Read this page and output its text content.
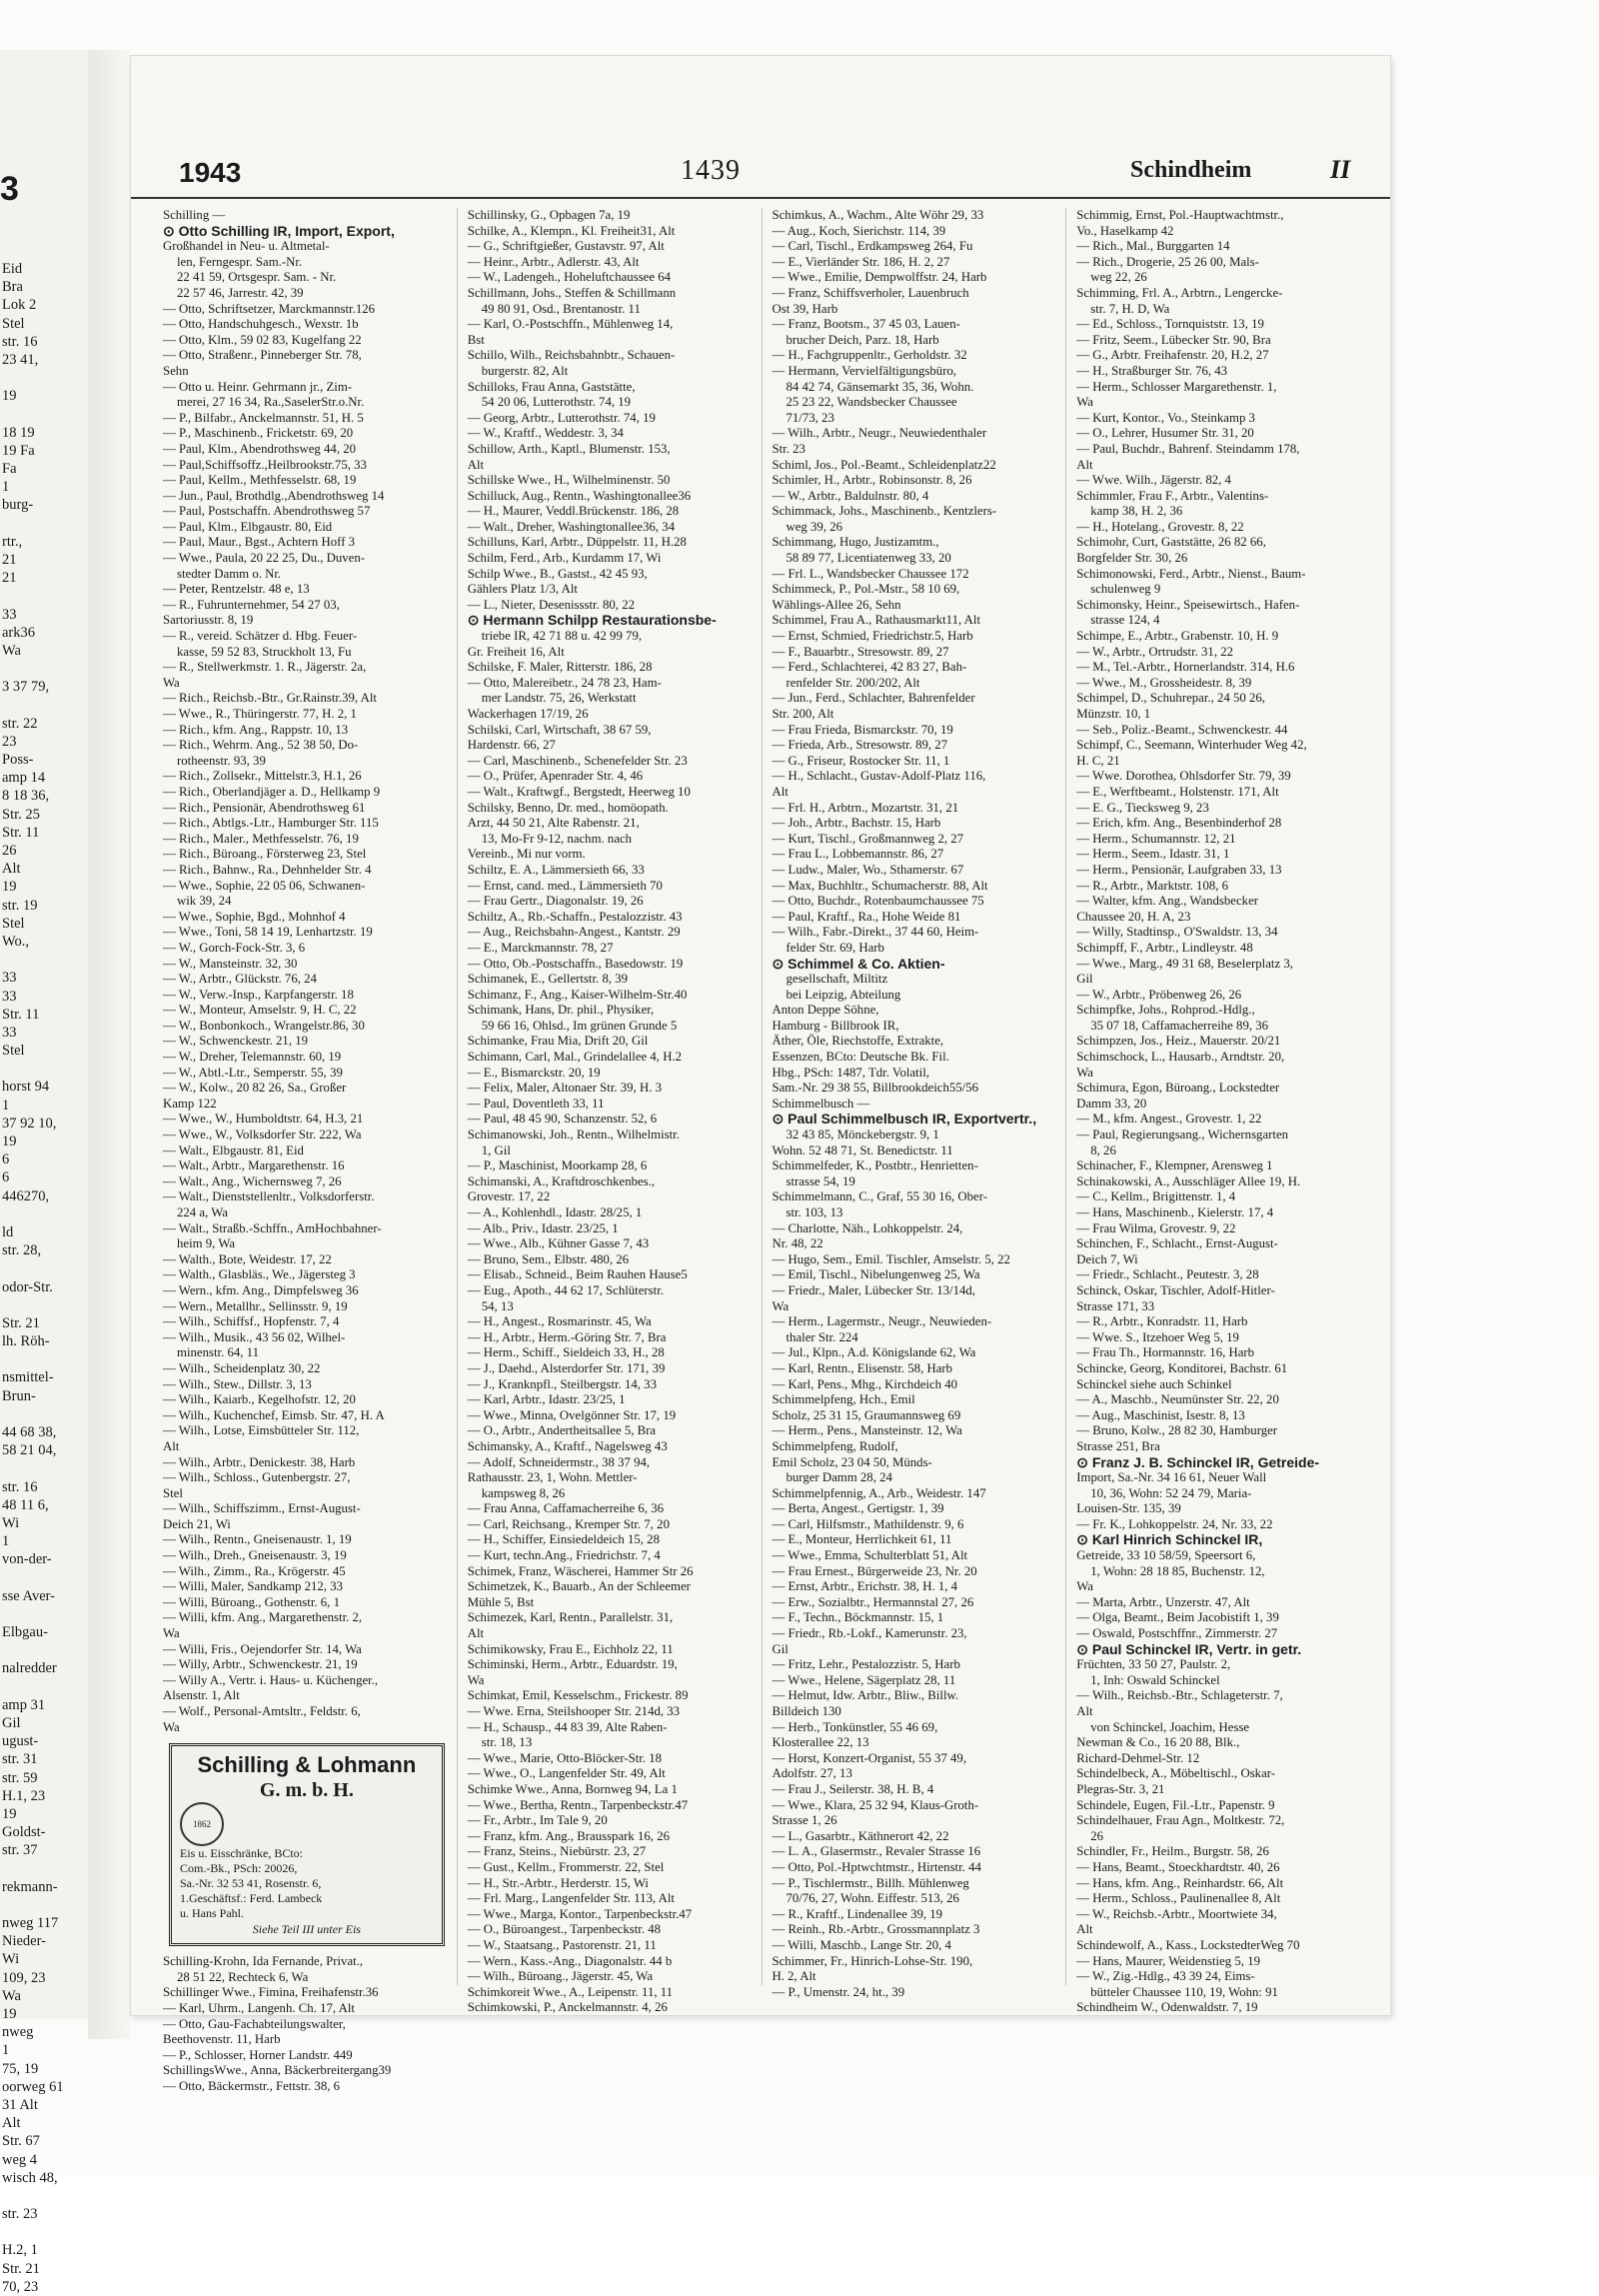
3
Eid
Bra
Lok 2
Stel
str. 16
23 41,
19
18 19
19 Fa
Fa
1
burg-
rtr.,
21
21
33
ark36
Wa
3 37 79,
str. 22
23
Poss-
amp 14
8 18 36,
Str. 25
Str. 11
26
Alt
19
str. 19
Stel
Wo.,
33
33
Str. 11
33
Stel
horst 94
1
37 92 10,
19
6
6
446270,
ld
str. 28,
odor-Str.
Str. 21
lh. Röh-
nsmittel-
Brun-
44 68 38,
58 21 04,
str. 16
48 11 6,
Wi
1
von-der-
sse Aver-
Elbgau-
nalredder
amp 31
Gil
ugust-
str. 31
str. 59
H.1, 23
19
Goldst-
str. 37
rekmann-
nweg 117
Nieder-
Wi
109, 23
Wa
19
nweg
1
75, 19
oorweg 61
31 Alt
Alt
Str. 67
weg 4
wisch 48,
str. 23
H.2, 1
Str. 21
70, 23
1943	1439	Schindheim	II
Schilling —
⊙ Otto Schilling IR, Import, Export,
Großhandel in Neu- u. Altmetal-
len, Ferngespr. Sam.-Nr.
22 41 59, Ortsgespr. Sam. - Nr.
22 57 46, Jarrestr. 42, 39
— Otto, Schriftsetzer, Marckmannstr.126
— Otto, Handschuhgesch., Wexstr. 1b
— Otto, Klm., 59 02 83, Kugelfang 22
— Otto, Straßenr., Pinneberger Str. 78,
Sehn
— Otto u. Heinr. Gehrmann jr., Zim-
merei, 27 16 34, Ra.,SaselerStr.o.Nr.
— P., Bilfabr., Anckelmannstr. 51, H. 5
— P., Maschinenb., Fricketstr. 69, 20
— Paul, Klm., Abendrothsweg 44, 20
— Paul,Schiffsoffz.,Heilbrookstr.75, 33
— Paul, Kellm., Methfesselstr. 68, 19
— Jun., Paul, Brothdlg.,Abendrothsweg 14
— Paul, Postschaffn. Abendrothsweg 57
— Paul, Klm., Elbgaustr. 80, Eid
— Paul, Maur., Bgst., Achtern Hoff 3
— Wwe., Paula, 20 22 25, Du., Duven-
stedter Damm o. Nr.
— Peter, Rentzelstr. 48 e, 13
— R., Fuhrunternehmer, 54 27 03,
Sartoriusstr. 8, 19
— R., vereid. Schätzer d. Hbg. Feuer-
kasse, 59 52 83, Struckholt 13, Fu
— R., Stellwerkmstr. 1. R., Jägerstr. 2a,
Wa
— Rich., Reichsb.-Btr., Gr.Rainstr.39, Alt
— Wwe., R., Thüringerstr. 77, H. 2, 1
— Rich., kfm. Ang., Rappstr. 10, 13
— Rich., Wehrm. Ang., 52 38 50, Do-
rotheenstr. 93, 39
— Rich., Zollsekr., Mittelstr.3, H.1, 26
— Rich., Oberlandjäger a. D., Hellkamp 9
— Rich., Pensionär, Abendrothsweg 61
— Rich., Abtlgs.-Ltr., Hamburger Str. 115
— Rich., Maler., Methfesselstr. 76, 19
— Rich., Büroang., Försterweg 23, Stel
— Rich., Bahnw., Ra., Dehnhelder Str. 4
— Wwe., Sophie, 22 05 06, Schwanen-
wik 39, 24
— Wwe., Sophie, Bgd., Mohnhof 4
— Wwe., Toni, 58 14 19, Lenhartzstr. 19
— W., Gorch-Fock-Str. 3, 6
— W., Mansteinstr. 32, 30
— W., Arbtr., Glückstr. 76, 24
— W., Verw.-Insp., Karpfangerstr. 18
— W., Monteur, Amselstr. 9, H. C, 22
— W., Bonbonkoch., Wrangelstr.86, 30
— W., Schwenckestr. 21, 19
— W., Dreher, Telemannstr. 60, 19
— W., Abtl.-Ltr., Semperstr. 55, 39
— W., Kolw., 20 82 26, Sa., Großer
Kamp 122
— Wwe., W., Humboldtstr. 64, H.3, 21
— Wwe., W., Volksdorfer Str. 222, Wa
— Walt., Elbgaustr. 81, Eid
— Walt., Arbtr., Margarethenstr. 16
— Walt., Ang., Wichernsweg 7, 26
— Walt., Dienststellenltr., Volksdorferstr.
224 a, Wa
— Walt., Straßb.-Schffn., AmHochbahner-
heim 9, Wa
— Walth., Bote, Weidestr. 17, 22
— Walth., Glasbläs., We., Jägersteg 3
— Wern., kfm. Ang., Dimpfelsweg 36
— Wern., Metallhr., Sellinsstr. 9, 19
— Wilh., Schiffsf., Hopfenstr. 7, 4
— Wilh., Musik., 43 56 02, Wilhel-
minenstr. 64, 11
— Wilh., Scheidenplatz 30, 22
— Wilh., Stew., Dillstr. 3, 13
— Wilh., Kaiarb., Kegelhofstr. 12, 20
— Wilh., Kuchenchef, Eimsb. Str. 47, H. A
— Wilh., Lotse, Eimsbütteler Str. 112,
Alt
— Wilh., Arbtr., Denickestr. 38, Harb
— Wilh., Schloss., Gutenbergstr. 27,
Stel
— Wilh., Schiffszimm., Ernst-August-
Deich 21, Wi
— Wilh., Rentn., Gneisenaustr. 1, 19
— Wilh., Dreh., Gneisenaustr. 3, 19
— Wilh., Zimm., Ra., Krögerstr. 45
— Willi, Maler, Sandkamp 212, 33
— Willi, Büroang., Gothenstr. 6, 1
— Willi, kfm. Ang., Margarethenstr. 2,
Wa
— Willi, Fris., Oejendorfer Str. 14, Wa
— Willy, Arbtr., Schwenckestr. 21, 19
— Willy A., Vertr. i. Haus- u. Küchenger.,
Alsenstr. 1, Alt
— Wolf., Personal-Amtsltr., Feldstr. 6,
Wa
Schilling & Lohmann
G. m. b. H.
1862
Eis u. Eisschränke, BCto:
Com.-Bk., PSch: 20026,
Sa.-Nr. 32 53 41, Rosenstr. 6,
1.Geschäftsf.: Ferd. Lambeck
u. Hans Pahl.
Siehe Teil III unter Eis
Schilling-Krohn, Ida Fernande, Privat.,
28 51 22, Rechteck 6, Wa
Schillinger Wwe., Fimina, Freihafenstr.36
— Karl, Uhrm., Langenh. Ch. 17, Alt
— Otto, Gau-Fachabteilungswalter,
Beethovenstr. 11, Harb
— P., Schlosser, Horner Landstr. 449
SchillingsWwe., Anna, Bäckerbreitergang39
— Otto, Bäckermstr., Fettstr. 38, 6
Schillinsky, G., Opbagen 7a, 19
Schilke, A., Klempn., Kl. Freiheit31, Alt
— G., Schriftgießer, Gustavstr. 97, Alt
— Heinr., Arbtr., Adlerstr. 43, Alt
— W., Ladengeh., Hoheluftchaussee 64
Schillmann, Johs., Steffen & Schillmann
49 80 91, Osd., Brentanostr. 11
— Karl, O.-Postschffn., Mühlenweg 14,
Bst
Schillo, Wilh., Reichsbahnbtr., Schauen-
burgerstr. 82, Alt
Schilloks, Frau Anna, Gaststätte,
54 20 06, Lutterothstr. 74, 19
— Georg, Arbtr., Lutterothstr. 74, 19
— W., Kraftf., Weddestr. 3, 34
Schillow, Arth., Kaptl., Blumenstr. 153,
Alt
Schillske Wwe., H., Wilhelminenstr. 50
Schilluck, Aug., Rentn., Washingtonallee36
— H., Maurer, Veddl.Brückenstr. 186, 28
— Walt., Dreher, Washingtonallee36, 34
Schilluns, Karl, Arbtr., Düppelstr. 11, H.28
Schilm, Ferd., Arb., Kurdamm 17, Wi
Schilp Wwe., B., Gastst., 42 45 93,
Gählers Platz 1/3, Alt
— L., Nieter, Desenissstr. 80, 22
⊙ Hermann Schilpp Restaurationsbe-
triebe IR, 42 71 88 u. 42 99 79,
Gr. Freiheit 16, Alt
Schilske, F. Maler, Ritterstr. 186, 28
— Otto, Malereibetr., 24 78 23, Ham-
mer Landstr. 75, 26, Werkstatt
Wackerhagen 17/19, 26
Schilski, Carl, Wirtschaft, 38 67 59,
Hardenstr. 66, 27
— Carl, Maschinenb., Schenefelder Str. 23
— O., Prüfer, Apenrader Str. 4, 46
— Walt., Kraftwgf., Bergstedt, Heerweg 10
Schilsky, Benno, Dr. med., homöopath.
Arzt, 44 50 21, Alte Rabenstr. 21,
13, Mo-Fr 9-12, nachm. nach
Vereinb., Mi nur vorm.
Schiltz, E. A., Lämmersieth 66, 33
— Ernst, cand. med., Lämmersieth 70
— Frau Gertr., Diagonalstr. 19, 26
Schiltz, A., Rb.-Schaffn., Pestalozzistr. 43
— Aug., Reichsbahn-Angest., Kantstr. 29
— E., Marckmannstr. 78, 27
— Otto, Ob.-Postschaffn., Basedowstr. 19
Schimanek, E., Gellertstr. 8, 39
Schimanz, F., Ang., Kaiser-Wilhelm-Str.40
Schimank, Hans, Dr. phil., Physiker,
59 66 16, Ohlsd., Im grünen Grunde 5
Schimanke, Frau Mia, Drift 20, Gil
Schimann, Carl, Mal., Grindelallee 4, H.2
— E., Bismarckstr. 20, 19
— Felix, Maler, Altonaer Str. 39, H. 3
— Paul, Doventleth 33, 11
— Paul, 48 45 90, Schanzenstr. 52, 6
Schimanowski, Joh., Rentn., Wilhelmistr.
1, Gil
— P., Maschinist, Moorkamp 28, 6
Schimanski, A., Kraftdroschkenbes.,
Grovestr. 17, 22
— A., Kohlenhdl., Idastr. 28/25, 1
— Alb., Priv., Idastr. 23/25, 1
— Wwe., Alb., Kühner Gasse 7, 43
— Bruno, Sem., Elbstr. 480, 26
— Elisab., Schneid., Beim Rauhen Hause5
— Eug., Apoth., 44 62 17, Schlüterstr.
54, 13
— H., Angest., Rosmarinstr. 45, Wa
— H., Arbtr., Herm.-Göring Str. 7, Bra
— Herm., Schiff., Sieldeich 33, H., 28
— J., Daehd., Alsterdorfer Str. 171, 39
— J., Kranknpfl., Steilbergstr. 14, 33
— Karl, Arbtr., Idastr. 23/25, 1
— Wwe., Minna, Ovelgönner Str. 17, 19
— O., Arbtr., Andertheitsallee 5, Bra
Schimansky, A., Kraftf., Nagelsweg 43
— Adolf, Schneidermstr., 38 37 94,
Rathausstr. 23, 1, Wohn. Mettler-
kampsweg 8, 26
— Frau Anna, Caffamacherreihe 6, 36
— Carl, Reichsang., Kremper Str. 7, 20
— H., Schiffer, Einsiedeldeich 15, 28
— Kurt, techn.Ang., Friedrichstr. 7, 4
Schimek, Franz, Wäscherei, Hammer Str 26
Schimetzek, K., Bauarb., An der Schleemer
Mühle 5, Bst
Schimezek, Karl, Rentn., Parallelstr. 31,
Alt
Schimikowsky, Frau E., Eichholz 22, 11
Schiminski, Herm., Arbtr., Eduardstr. 19,
Wa
Schimkat, Emil, Kesselschm., Frickestr. 89
— Wwe. Erna, Steilshooper Str. 214d, 33
— H., Schausp., 44 83 39, Alte Raben-
str. 18, 13
— Wwe., Marie, Otto-Blöcker-Str. 18
— Wwe., O., Langenfelder Str. 49, Alt
Schimke Wwe., Anna, Bornweg 94, La 1
— Wwe., Bertha, Rentn., Tarpenbeckstr.47
— Fr., Arbtr., Im Tale 9, 20
— Franz, kfm. Ang., Brausspark 16, 26
— Franz, Steins., Niebürstr. 23, 27
— Gust., Kellm., Frommerstr. 22, Stel
— H., Str.-Arbtr., Herderstr. 15, Wi
— Frl. Marg., Langenfelder Str. 113, Alt
— Wwe., Marga, Kontor., Tarpenbeckstr.47
— O., Büroangest., Tarpenbeckstr. 48
— W., Staatsang., Pastorenstr. 21, 11
— Wern., Kass.-Ang., Diagonalstr. 44 b
— Wilh., Büroang., Jägerstr. 45, Wa
Schimkoreit Wwe., A., Leipenstr. 11, 11
Schimkowski, P., Anckelmannstr. 4, 26
Schimkus, A., Wachm., Alte Wöhr 29, 33
— Aug., Koch, Sierichstr. 114, 39
— Carl, Tischl., Erdkampsweg 264, Fu
— E., Vierländer Str. 186, H. 2, 27
— Wwe., Emilie, Dempwolffstr. 24, Harb
— Franz, Schiffsverholer, Lauenbruch
Ost 39, Harb
— Franz, Bootsm., 37 45 03, Lauen-
brucher Deich, Parz. 18, Harb
— H., Fachgruppenltr., Gerholdstr. 32
— Hermann, Vervielfältigungsbüro,
84 42 74, Gänsemarkt 35, 36, Wohn.
25 23 22, Wandsbecker Chaussee
71/73, 23
— Wilh., Arbtr., Neugr., Neuwiedenthaler
Str. 23
Schiml, Jos., Pol.-Beamt., Schleidenplatz22
Schimler, H., Arbtr., Robinsonstr. 8, 26
— W., Arbtr., Baldulnstr. 80, 4
Schimmack, Johs., Maschinenb., Kentzlers-
weg 39, 26
Schimmang, Hugo, Justizamtm.,
58 89 77, Licentiatenweg 33, 20
— Frl. L., Wandsbecker Chaussee 172
Schimmeck, P., Pol.-Mstr., 58 10 69,
Wählings-Allee 26, Sehn
Schimmel, Frau A., Rathausmarkt11, Alt
— Ernst, Schmied, Friedrichstr.5, Harb
— F., Bauarbtr., Stresowstr. 89, 27
— Ferd., Schlachterei, 42 83 27, Bah-
renfelder Str. 200/202, Alt
— Jun., Ferd., Schlachter, Bahrenfelder
Str. 200, Alt
— Frau Frieda, Bismarckstr. 70, 19
— Frieda, Arb., Stresowstr. 89, 27
— G., Friseur, Rostocker Str. 11, 1
— H., Schlacht., Gustav-Adolf-Platz 116,
Alt
— Frl. H., Arbtrn., Mozartstr. 31, 21
— Joh., Arbtr., Bachstr. 15, Harb
— Kurt, Tischl., Großmannweg 2, 27
— Frau L., Lobbemannstr. 86, 27
— Ludw., Maler, Wo., Sthamerstr. 67
— Max, Buchhltr., Schumacherstr. 88, Alt
— Otto, Buchdr., Rotenbaumchaussee 75
— Paul, Kraftf., Ra., Hohe Weide 81
— Wilh., Fabr.-Direkt., 37 44 60, Heim-
felder Str. 69, Harb
⊙ Schimmel & Co. Aktien-
gesellschaft, Miltitz
bei Leipzig, Abteilung
Anton Deppe Söhne,
Hamburg - Billbrook IR,
Äther, Öle, Riechstoffe, Extrakte,
Essenzen, BCto: Deutsche Bk. Fil.
Hbg., PSch: 1487, Tdr. Volatil,
Sam.-Nr. 29 38 55, Billbrookdeich55/56
Schimmelbusch —
⊙ Paul Schimmelbusch IR, Exportvertr.,
32 43 85, Mönckebergstr. 9, 1
Wohn. 52 48 71, St. Benedictstr. 11
Schimmelfeder, K., Postbtr., Henrietten-
strasse 54, 19
Schimmelmann, C., Graf, 55 30 16, Ober-
str. 103, 13
— Charlotte, Näh., Lohkoppelstr. 24,
Nr. 48, 22
— Hugo, Sem., Emil. Tischler, Amselstr. 5, 22
— Emil, Tischl., Nibelungenweg 25, Wa
— Friedr., Maler, Lübecker Str. 13/14d,
Wa
— Herm., Lagermstr., Neugr., Neuwieden-
thaler Str. 224
— Jul., Klpn., A.d. Königslande 62, Wa
— Karl, Rentn., Elisenstr. 58, Harb
— Karl, Pens., Mhg., Kirchdeich 40
Schimmelpfeng, Hch., Emil
Scholz, 25 31 15, Graumannsweg 69
— Herm., Pens., Mansteinstr. 12, Wa
Schimmelpfeng, Rudolf,
Emil Scholz, 23 04 50, Münds-
burger Damm 28, 24
Schimmelpfennig, A., Arb., Weidestr. 147
— Berta, Angest., Gertigstr. 1, 39
— Carl, Hilfsmstr., Mathildenstr. 9, 6
— E., Monteur, Herrlichkeit 61, 11
— Wwe., Emma, Schulterblatt 51, Alt
— Frau Ernest., Bürgerweide 23, Nr. 20
— Ernst, Arbtr., Erichstr. 38, H. 1, 4
— Erw., Sozialbtr., Hermannstal 27, 26
— F., Techn., Böckmannstr. 15, 1
— Friedr., Rb.-Lokf., Kamerunstr. 23,
Gil
— Fritz, Lehr., Pestalozzistr. 5, Harb
— Wwe., Helene, Sägerplatz 28, 11
— Helmut, Idw. Arbtr., Bliw., Billw.
Billdeich 130
— Herb., Tonkünstler, 55 46 69,
Klosterallee 22, 13
— Horst, Konzert-Organist, 55 37 49,
Adolfstr. 27, 13
— Frau J., Seilerstr. 38, H. B, 4
— Wwe., Klara, 25 32 94, Klaus-Groth-
Strasse 1, 26
— L., Gasarbtr., Käthnerort 42, 22
— L. A., Glasermstr., Revaler Strasse 16
— Otto, Pol.-Hptwchtmstr., Hirtenstr. 44
— P., Tischlermstr., Billh. Mühlenweg
70/76, 27, Wohn. Eiffestr. 513, 26
— R., Kraftf., Lindenallee 39, 19
— Reinh., Rb.-Arbtr., Grossmannplatz 3
— Willi, Maschb., Lange Str. 20, 4
Schimmer, Fr., Hinrich-Lohse-Str. 190,
H. 2, Alt
— P., Umenstr. 24, ht., 39
Schimmig, Ernst, Pol.-Hauptwachtmstr.,
Vo., Haselkamp 42
— Rich., Mal., Burggarten 14
— Rich., Drogerie, 25 26 00, Mals-
weg 22, 26
Schimming, Frl. A., Arbtrn., Lengercke-
str. 7, H. D, Wa
— Ed., Schloss., Tornquiststr. 13, 19
— Fritz, Seem., Lübecker Str. 90, Bra
— G., Arbtr. Freihafenstr. 20, H.2, 27
— H., Straßburger Str. 76, 43
— Herm., Schlosser Margarethenstr. 1,
Wa
— Kurt, Kontor., Vo., Steinkamp 3
— O., Lehrer, Husumer Str. 31, 20
— Paul, Buchdr., Bahrenf. Steindamm 178,
Alt
— Wwe. Wilh., Jägerstr. 82, 4
Schimmler, Frau F., Arbtr., Valentins-
kamp 38, H. 2, 36
— H., Hotelang., Grovestr. 8, 22
Schimohr, Curt, Gaststätte, 26 82 66,
Borgfelder Str. 30, 26
Schimonowski, Ferd., Arbtr., Nienst., Baum-
schulenweg 9
Schimonsky, Heinr., Speisewirtsch., Hafen-
strasse 124, 4
Schimpe, E., Arbtr., Grabenstr. 10, H. 9
— W., Arbtr., Ortrudstr. 31, 22
— M., Tel.-Arbtr., Hornerlandstr. 314, H.6
— Wwe., M., Grossheidestr. 8, 39
Schimpel, D., Schuhrepar., 24 50 26,
Münzstr. 10, 1
— Seb., Poliz.-Beamt., Schwenckestr. 44
Schimpf, C., Seemann, Winterhuder Weg 42,
H. C, 21
— Wwe. Dorothea, Ohlsdorfer Str. 79, 39
— E., Werftbeamt., Holstenstr. 171, Alt
— E. G., Tiecksweg 9, 23
— Erich, kfm. Ang., Besenbinderhof 28
— Herm., Schumannstr. 12, 21
— Herm., Seem., Idastr. 31, 1
— Herm., Pensionär, Laufgraben 33, 13
— R., Arbtr., Marktstr. 108, 6
— Walter, kfm. Ang., Wandsbecker
Chaussee 20, H. A, 23
— Willy, Stadtinsp., O'Swaldstr. 13, 34
Schimpff, F., Arbtr., Lindleystr. 48
— Wwe., Marg., 49 31 68, Beselerplatz 3,
Gil
— W., Arbtr., Pröbenweg 26, 26
Schimpfke, Johs., Rohprod.-Hdlg.,
35 07 18, Caffamacherreihe 89, 36
Schimpzen, Jos., Heiz., Mauerstr. 20/21
Schimschock, L., Hausarb., Arndtstr. 20,
Wa
Schimura, Egon, Büroang., Lockstedter
Damm 33, 20
— M., kfm. Angest., Grovestr. 1, 22
— Paul, Regierungsang., Wichernsgarten
8, 26
Schinacher, F., Klempner, Arensweg 1
Schinakowski, A., Ausschläger Allee 19, H.
— C., Kellm., Brigittenstr. 1, 4
— Hans, Maschinenb., Kielerstr. 17, 4
— Frau Wilma, Grovestr. 9, 22
Schinchen, F., Schlacht., Ernst-August-
Deich 7, Wi
— Friedr., Schlacht., Peutestr. 3, 28
Schinck, Oskar, Tischler, Adolf-Hitler-
Strasse 171, 33
— R., Arbtr., Konradstr. 11, Harb
— Wwe. S., Itzehoer Weg 5, 19
— Frau Th., Hormannstr. 16, Harb
Schincke, Georg, Konditorei, Bachstr. 61
Schinckel siehe auch Schinkel
— A., Maschb., Neumünster Str. 22, 20
— Aug., Maschinist, Isestr. 8, 13
— Bruno, Kolw., 28 82 30, Hamburger
Strasse 251, Bra
⊙ Franz J. B. Schinckel IR, Getreide-
Import, Sa.-Nr. 34 16 61, Neuer Wall
10, 36, Wohn: 52 24 79, Maria-
Louisen-Str. 135, 39
— Fr. K., Lohkoppelstr. 24, Nr. 33, 22
⊙ Karl Hinrich Schinckel IR,
Getreide, 33 10 58/59, Speersort 6,
1, Wohn: 28 18 85, Buchenstr. 12,
Wa
— Marta, Arbtr., Unzerstr. 47, Alt
— Olga, Beamt., Beim Jacobistift 1, 39
— Oswald, Postschffnr., Zimmerstr. 27
⊙ Paul Schinckel IR, Vertr. in getr.
Früchten, 33 50 27, Paulstr. 2,
1, Inh: Oswald Schinckel
— Wilh., Reichsb.-Btr., Schlageterstr. 7,
Alt
von Schinckel, Joachim, Hesse
Newman & Co., 16 20 88, Blk.,
Richard-Dehmel-Str. 12
Schindelbeck, A., Möbeltischl., Oskar-
Plegras-Str. 3, 21
Schindele, Eugen, Fil.-Ltr., Papenstr. 9
Schindelhauer, Frau Agn., Moltkestr. 72,
26
Schindler, Fr., Heilm., Burgstr. 58, 26
— Hans, Beamt., Stoeckhardtstr. 40, 26
— Hans, kfm. Ang., Reinhardstr. 66, Alt
— Herm., Schloss., Paulinenallee 8, Alt
— W., Reichsb.-Arbtr., Moortwiete 34,
Alt
Schindewolf, A., Kass., LockstedterWeg 70
— Hans, Maurer, Weidenstieg 5, 19
— W., Zig.-Hdlg., 43 39 24, Eims-
bütteler Chaussee 110, 19, Wohn: 91
Schindheim W., Odenwaldstr. 7, 19
